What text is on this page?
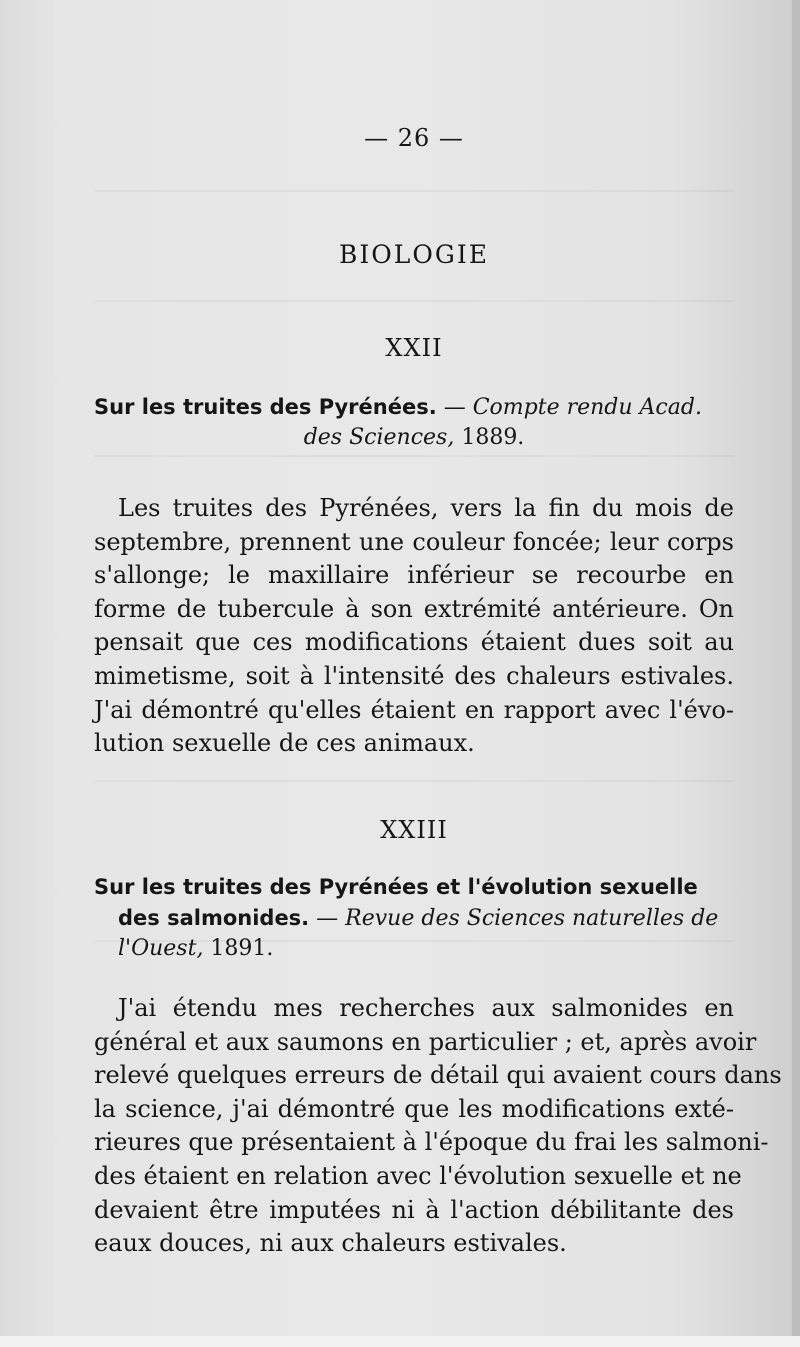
— 26 —
BIOLOGIE
XXII
Sur les truites des Pyrénées. — Compte rendu Acad.
des Sciences, 1889.
Les truites des Pyrénées, vers la fin du mois de
septembre, prennent une couleur foncée; leur corps
s'allonge; le maxillaire inférieur se recourbe en
forme de tubercule à son extrémité antérieure. On
pensait que ces modifications étaient dues soit au
mimetisme, soit à l'intensité des chaleurs estivales.
J'ai démontré qu'elles étaient en rapport avec l'évo-
lution sexuelle de ces animaux.
XXIII
Sur les truites des Pyrénées et l'évolution sexuelle
des salmonides. — Revue des Sciences naturelles de
l'Ouest, 1891.
J'ai étendu mes recherches aux salmonides en
général et aux saumons en particulier ; et, après avoir
relevé quelques erreurs de détail qui avaient cours dans
la science, j'ai démontré que les modifications exté-
rieures que présentaient à l'époque du frai les salmoni-
des étaient en relation avec l'évolution sexuelle et ne
devaient être imputées ni à l'action débilitante des
eaux douces, ni aux chaleurs estivales.
